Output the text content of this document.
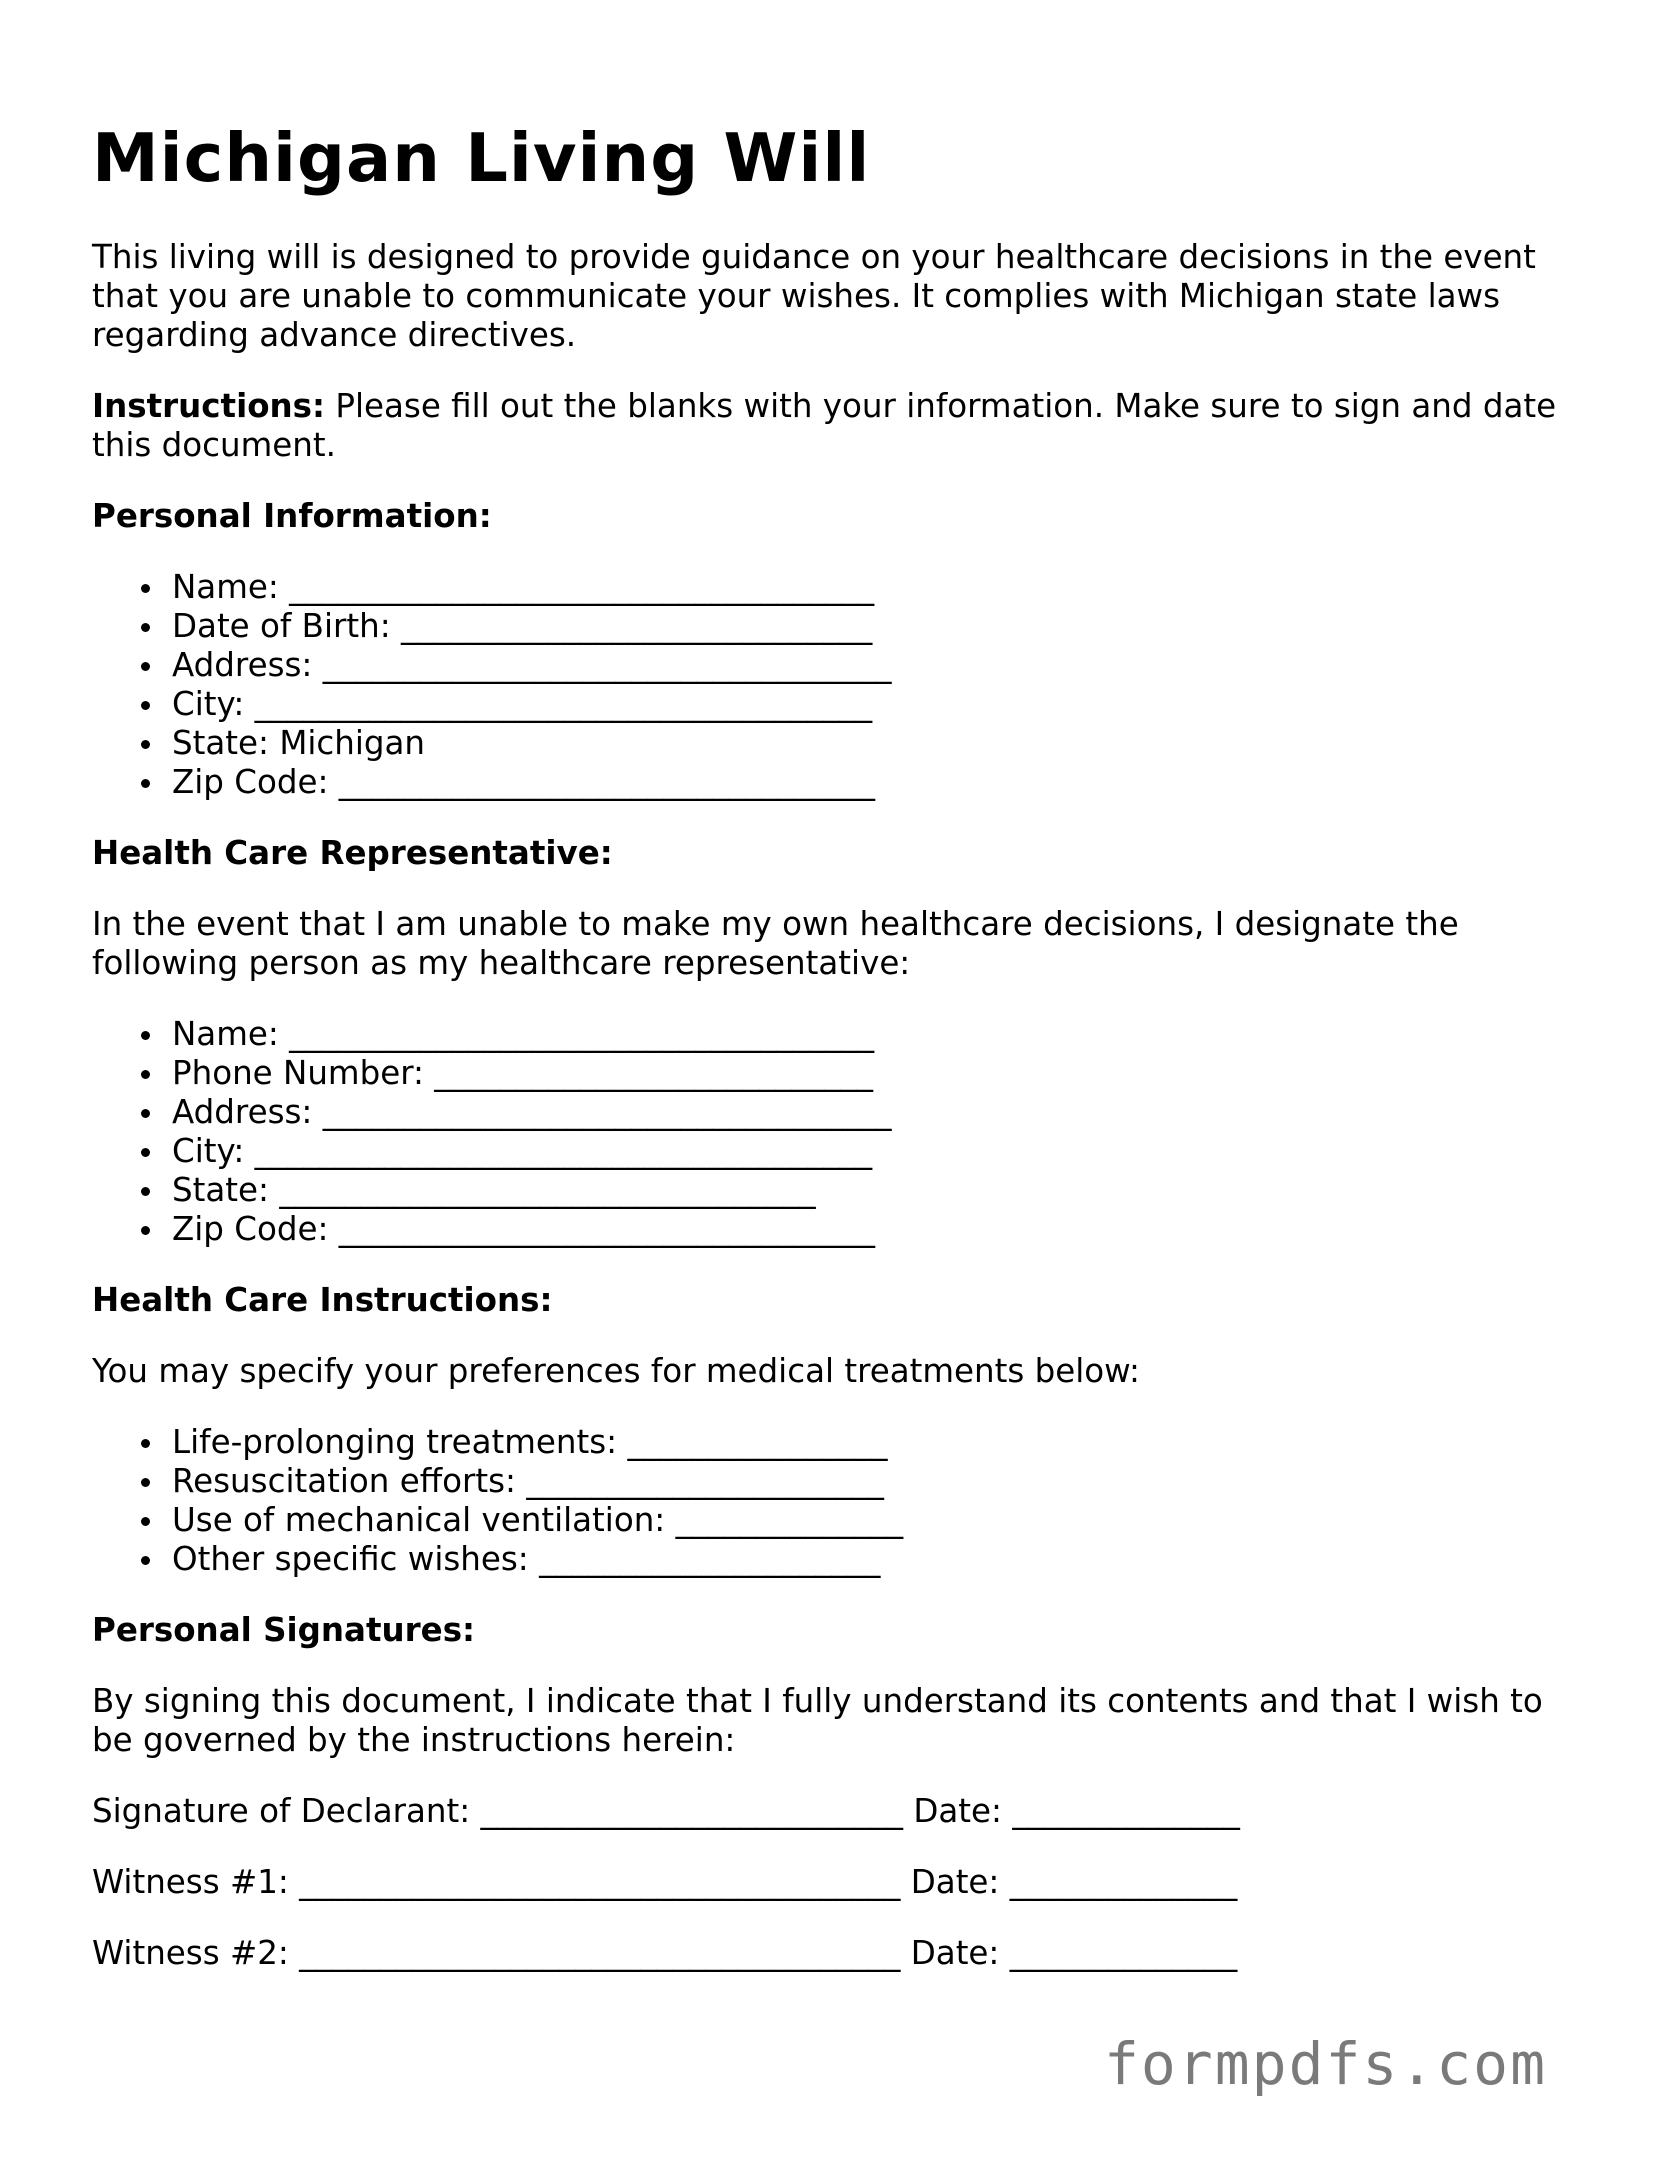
Michigan Living Will

This living will is designed to provide guidance on your healthcare decisions in the event that you are unable to communicate your wishes. It complies with Michigan state laws regarding advance directives.

Instructions: Please fill out the blanks with your information. Make sure to sign and date this document.

Personal Information:
Name: ____________________________________
Date of Birth: _____________________________
Address: ___________________________________
City: ______________________________________
State: Michigan
Zip Code: _________________________________
Health Care Representative:

In the event that I am unable to make my own healthcare decisions, I designate the following person as my healthcare representative:

Name: ____________________________________
Phone Number: ___________________________
Address: ___________________________________
City: ______________________________________
State: _________________________________
Zip Code: _________________________________
Health Care Instructions:

You may specify your preferences for medical treatments below:

Life-prolonging treatments: ________________
Resuscitation efforts: ______________________
Use of mechanical ventilation: ______________
Other specific wishes: _____________________
Personal Signatures:

By signing this document, I indicate that I fully understand its contents and that I wish to be governed by the instructions herein:

Signature of Declarant: __________________________ Date: ______________
Witness #1: _____________________________________ Date: ______________
Witness #2: _____________________________________ Date: ______________
formpdfs.com
